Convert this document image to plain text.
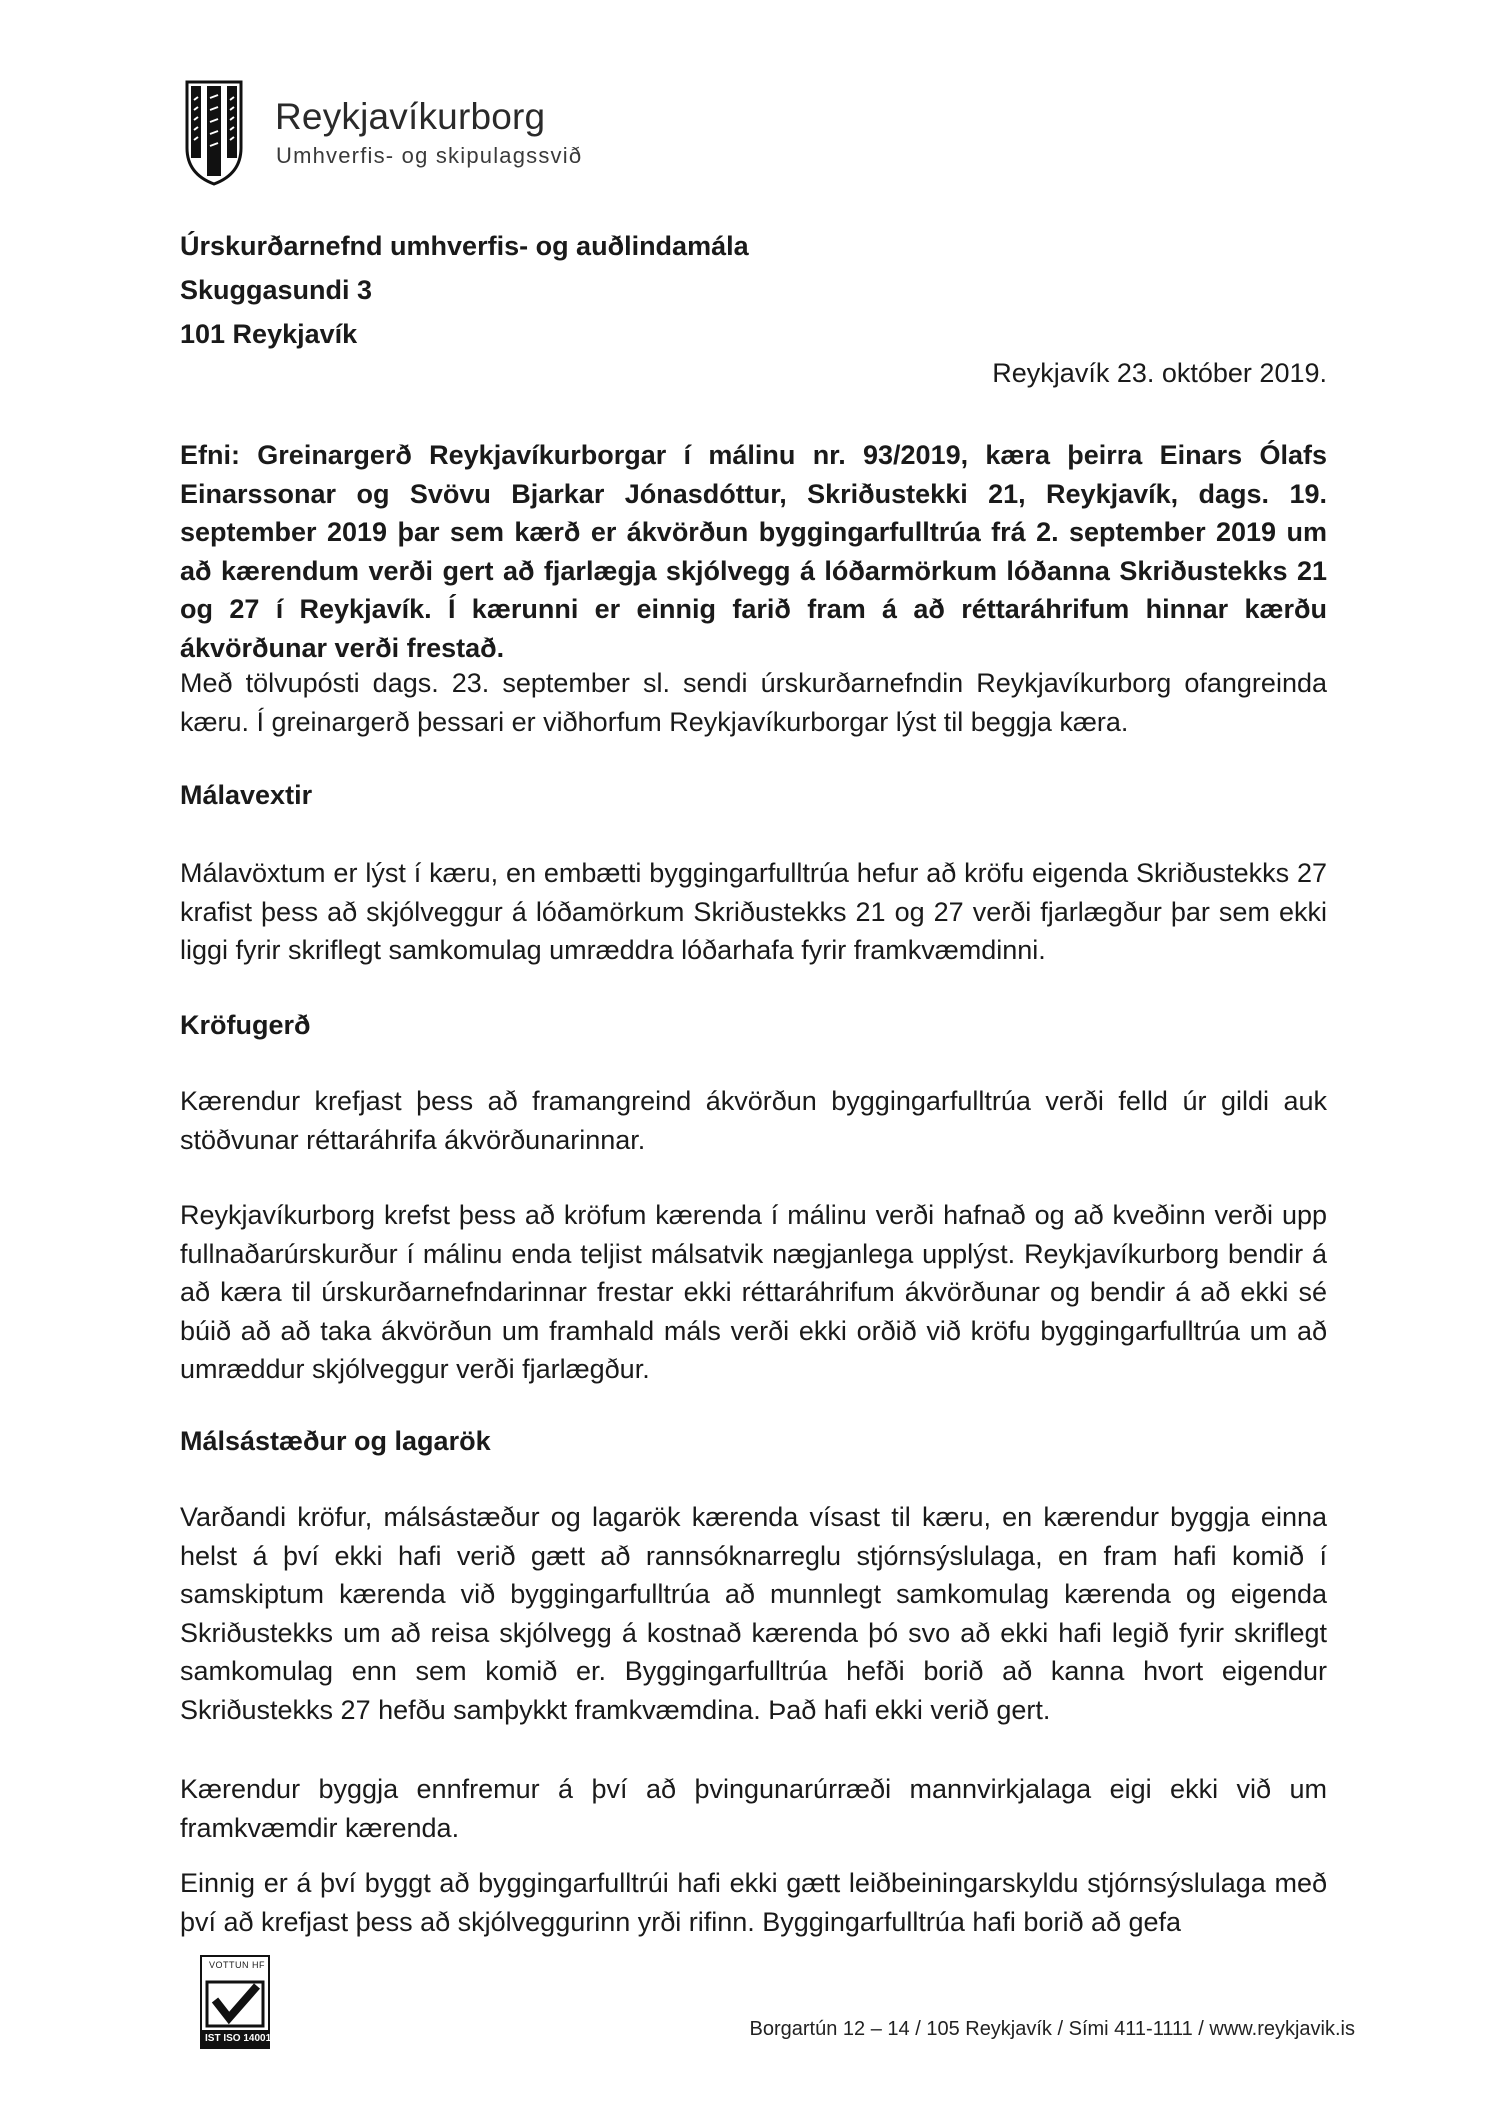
Reykjavíkurborg
Umhverfis- og skipulagssvið
Úrskurðarnefnd umhverfis- og auðlindamála
Skuggasundi 3
101 Reykjavík
Reykjavík 23. október 2019.
Efni: Greinargerð Reykjavíkurborgar í málinu nr. 93/2019, kæra þeirra Einars Ólafs Einarssonar og Svövu Bjarkar Jónasdóttur, Skriðustekki 21, Reykjavík, dags. 19. september 2019 þar sem kærð er ákvörðun byggingarfulltrúa frá 2. september 2019 um að kærendum verði gert að fjarlægja skjólvegg á lóðarmörkum lóðanna Skriðustekks 21 og 27 í Reykjavík. Í kærunni er einnig farið fram á að réttaráhrifum hinnar kærðu ákvörðunar verði frestað.
Með tölvupósti dags. 23. september sl. sendi úrskurðarnefndin Reykjavíkurborg ofangreinda kæru. Í greinargerð þessari er viðhorfum Reykjavíkurborgar lýst til beggja kæra.
Málavextir
Málavöxtum er lýst í kæru, en embætti byggingarfulltrúa hefur að kröfu eigenda Skriðustekks 27 krafist þess að skjólveggur á lóðamörkum Skriðustekks 21 og 27 verði fjarlægður þar sem ekki liggi fyrir skriflegt samkomulag umræddra lóðarhafa fyrir framkvæmdinni.
Kröfugerð
Kærendur krefjast þess að framangreind ákvörðun byggingarfulltrúa verði felld úr gildi auk stöðvunar réttaráhrifa ákvörðunarinnar.
Reykjavíkurborg krefst þess að kröfum kærenda í málinu verði hafnað og að kveðinn verði upp fullnaðarúrskurður í málinu enda teljist málsatvik nægjanlega upplýst. Reykjavíkurborg bendir á að kæra til úrskurðarnefndarinnar frestar ekki réttaráhrifum ákvörðunar og bendir á að ekki sé búið að að taka ákvörðun um framhald máls verði ekki orðið við kröfu byggingarfulltrúa um að umræddur skjólveggur verði fjarlægður.
Málsástæður og lagarök
Varðandi kröfur, málsástæður og lagarök kærenda vísast til kæru, en kærendur byggja einna helst á því ekki hafi verið gætt að rannsóknarreglu stjórnsýslulaga, en fram hafi komið í samskiptum kærenda við byggingarfulltrúa að munnlegt samkomulag kærenda og eigenda Skriðustekks um að reisa skjólvegg á kostnað kærenda þó svo að ekki hafi legið fyrir skriflegt samkomulag enn sem komið er. Byggingarfulltrúa hefði borið að kanna hvort eigendur Skriðustekks 27 hefðu samþykkt framkvæmdina. Það hafi ekki verið gert.
Kærendur byggja ennfremur á því að þvingunarúrræði mannvirkjalaga eigi ekki við um framkvæmdir kærenda.
Einnig er á því byggt að byggingarfulltrúi hafi ekki gætt leiðbeiningarskyldu stjórnsýslulaga með því að krefjast þess að skjólveggurinn yrði rifinn. Byggingarfulltrúa hafi borið að gefa
VOTTUN HF
IST ISO 14001	Borgartún 12 – 14 / 105 Reykjavík / Sími 411-1111 / www.reykjavik.is
